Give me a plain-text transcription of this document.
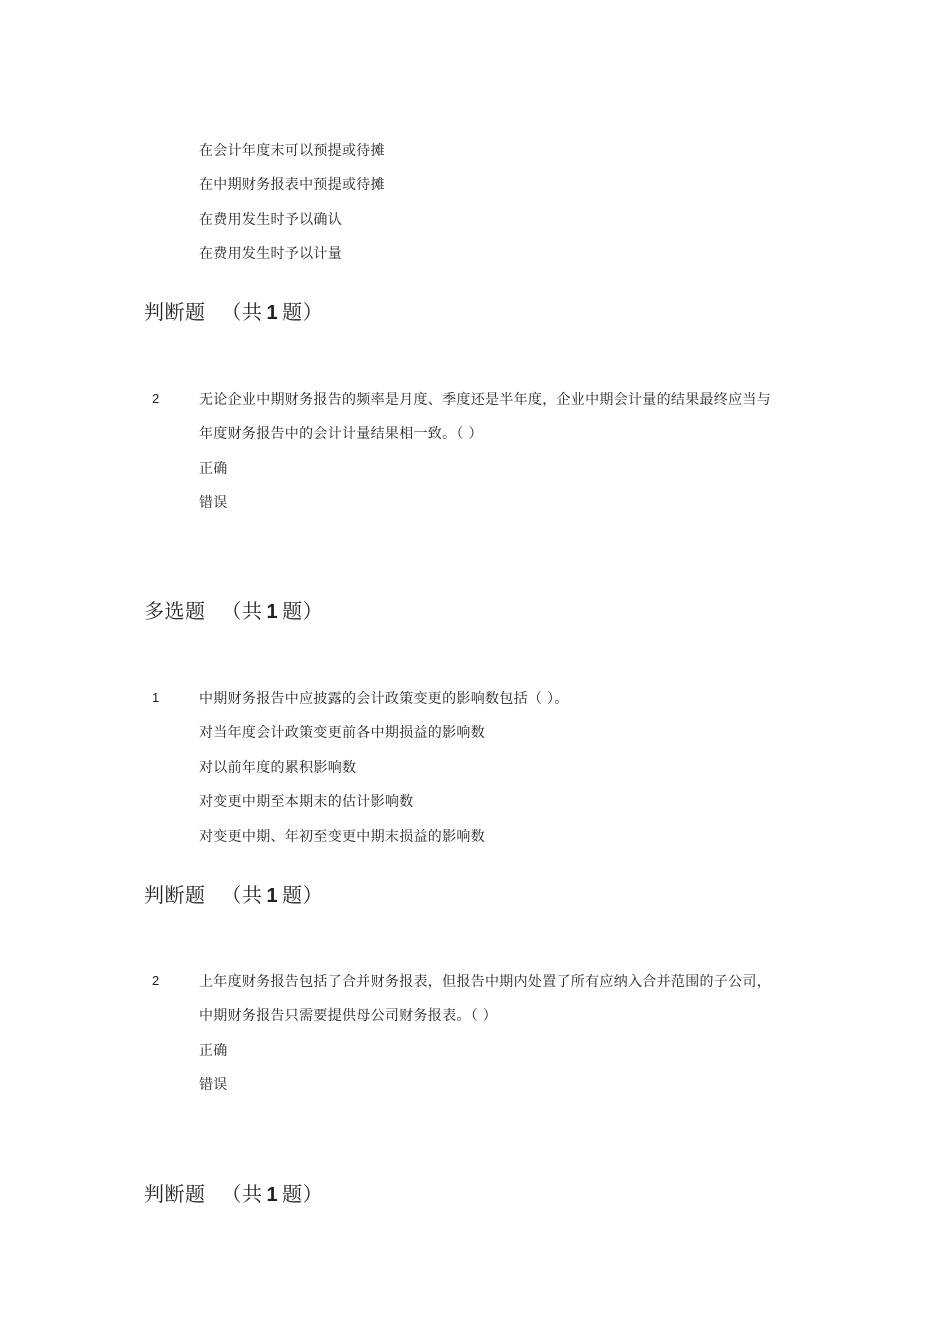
在会计年度末可以预提或待摊
在中期财务报表中预提或待摊
在费用发生时予以确认
在费用发生时予以计量
判断题 （共 1 题）
2	无论企业中期财务报告的频率是月度、季度还是半年度，企业中期会计量的结果最终应当与
年度财务报告中的会计计量结果相一致。（ ）
正确
错误
多选题 （共 1 题）
1	中期财务报告中应披露的会计政策变更的影响数包括（ ）。
对当年度会计政策变更前各中期损益的影响数
对以前年度的累积影响数
对变更中期至本期末的估计影响数
对变更中期、年初至变更中期末损益的影响数
判断题 （共 1 题）
2	上年度财务报告包括了合并财务报表，但报告中期内处置了所有应纳入合并范围的子公司，
中期财务报告只需要提供母公司财务报表。（ ）
正确
错误
判断题 （共 1 题）
